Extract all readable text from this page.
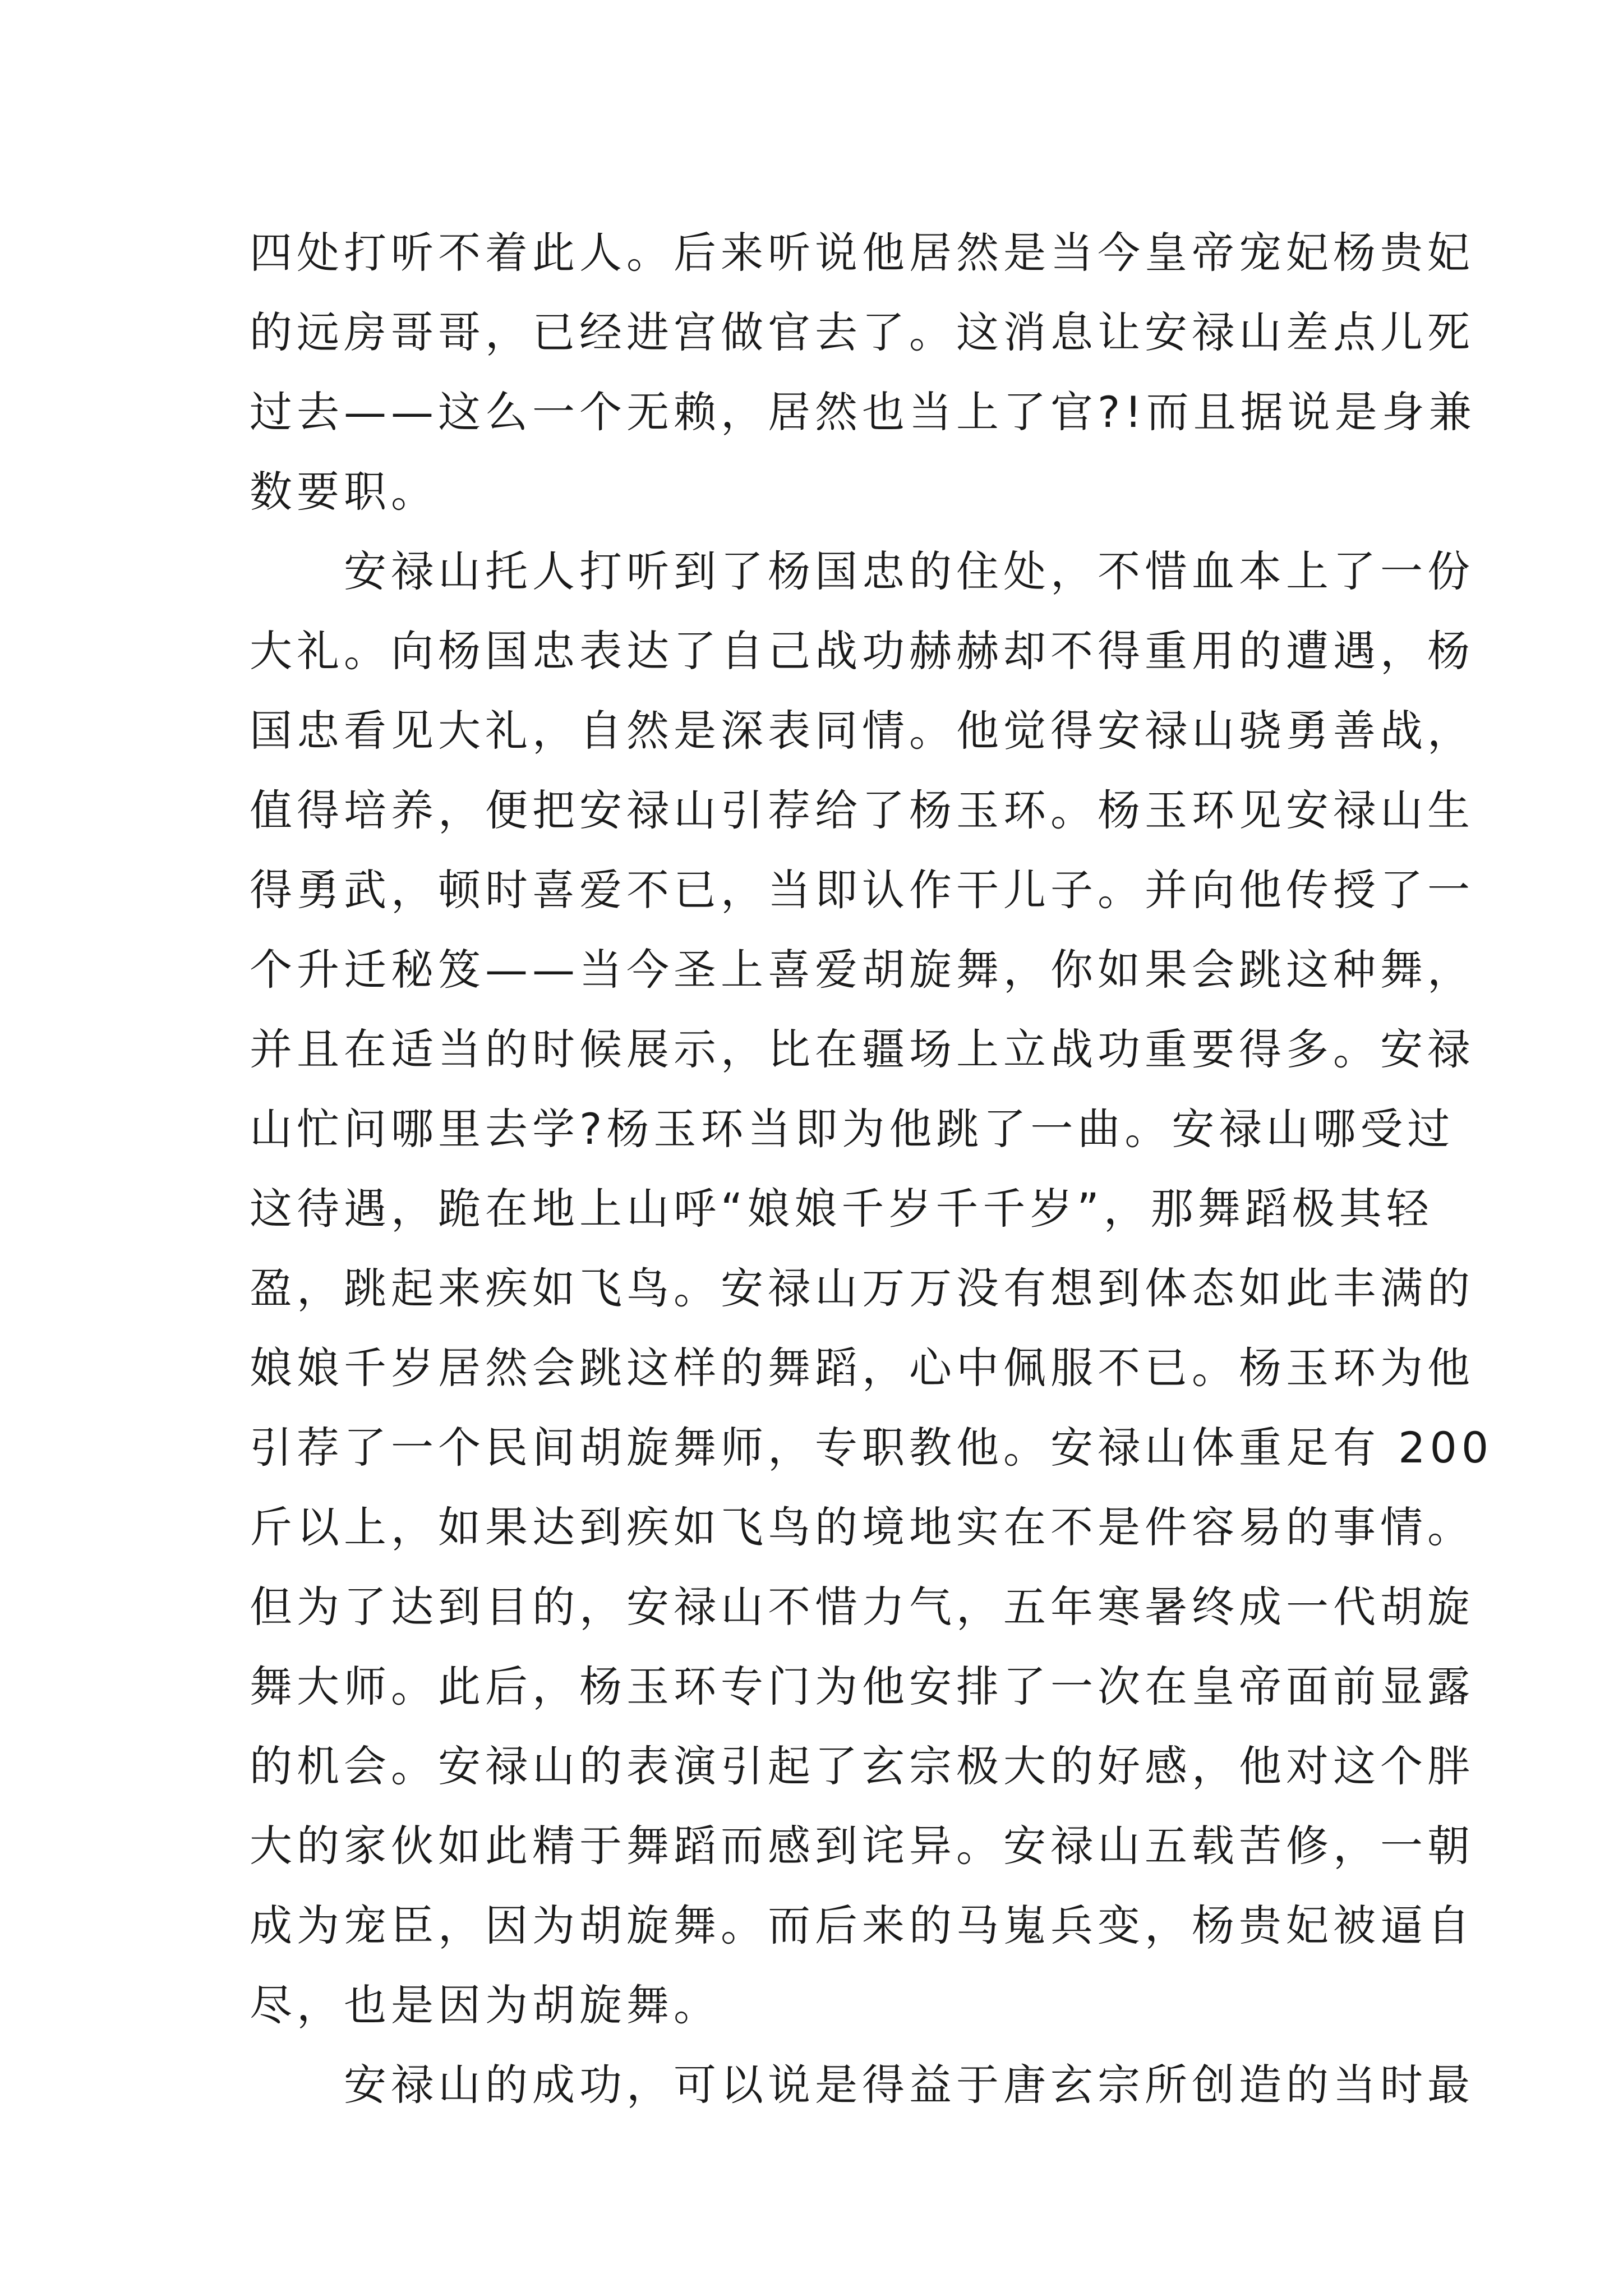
四处打听不着此人。后来听说他居然是当今皇帝宠妃杨贵妃
的远房哥哥，已经进宫做官去了。这消息让安禄山差点儿死
过去——这么一个无赖，居然也当上了官?!而且据说是身兼
数要职。
　　安禄山托人打听到了杨国忠的住处，不惜血本上了一份
大礼。向杨国忠表达了自己战功赫赫却不得重用的遭遇，杨
国忠看见大礼，自然是深表同情。他觉得安禄山骁勇善战，
值得培养，便把安禄山引荐给了杨玉环。杨玉环见安禄山生
得勇武，顿时喜爱不已，当即认作干儿子。并向他传授了一
个升迁秘笈——当今圣上喜爱胡旋舞，你如果会跳这种舞，
并且在适当的时候展示，比在疆场上立战功重要得多。安禄
山忙问哪里去学?杨玉环当即为他跳了一曲。安禄山哪受过
这待遇，跪在地上山呼“娘娘千岁千千岁”，那舞蹈极其轻
盈，跳起来疾如飞鸟。安禄山万万没有想到体态如此丰满的
娘娘千岁居然会跳这样的舞蹈，心中佩服不已。杨玉环为他
引荐了一个民间胡旋舞师，专职教他。安禄山体重足有 200
斤以上，如果达到疾如飞鸟的境地实在不是件容易的事情。
但为了达到目的，安禄山不惜力气，五年寒暑终成一代胡旋
舞大师。此后，杨玉环专门为他安排了一次在皇帝面前显露
的机会。安禄山的表演引起了玄宗极大的好感，他对这个胖
大的家伙如此精于舞蹈而感到诧异。安禄山五载苦修，一朝
成为宠臣，因为胡旋舞。而后来的马嵬兵变，杨贵妃被逼自
尽，也是因为胡旋舞。
　　安禄山的成功，可以说是得益于唐玄宗所创造的当时最
